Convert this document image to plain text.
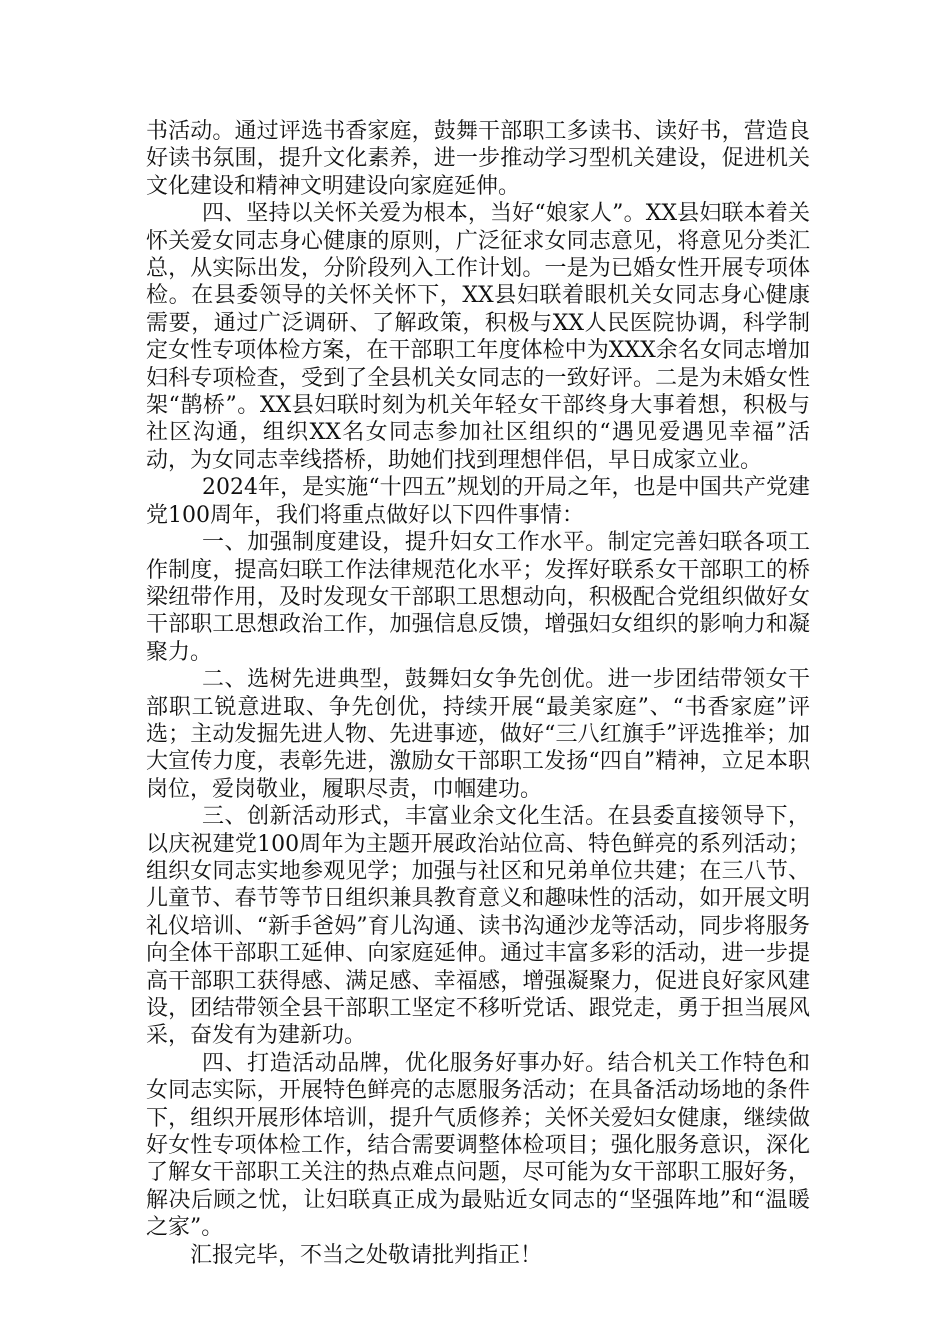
书活动。通过评选书香家庭，鼓舞干部职工多读书、读好书，营造良好读书氛围，提升文化素养，进一步推动学习型机关建设，促进机关文化建设和精神文明建设向家庭延伸。

四、坚持以关怀关爱为根本，当好“娘家人”。XX县妇联本着关怀关爱女同志身心健康的原则，广泛征求女同志意见，将意见分类汇总，从实际出发，分阶段列入工作计划。一是为已婚女性开展专项体检。在县委领导的关怀关怀下，XX县妇联着眼机关女同志身心健康需要，通过广泛调研、了解政策，积极与XX人民医院协调，科学制定女性专项体检方案，在干部职工年度体检中为XXX余名女同志增加妇科专项检查，受到了全县机关女同志的一致好评。二是为未婚女性架“鹊桥”。XX县妇联时刻为机关年轻女干部终身大事着想，积极与社区沟通，组织XX名女同志参加社区组织的“遇见爱遇见幸福”活动，为女同志幸线搭桥，助她们找到理想伴侣，早日成家立业。

2024年，是实施“十四五”规划的开局之年，也是中国共产党建党100周年，我们将重点做好以下四件事情：

一、加强制度建设，提升妇女工作水平。制定完善妇联各项工作制度，提高妇联工作法律规范化水平；发挥好联系女干部职工的桥梁纽带作用，及时发现女干部职工思想动向，积极配合党组织做好女干部职工思想政治工作，加强信息反馈，增强妇女组织的影响力和凝聚力。

二、选树先进典型，鼓舞妇女争先创优。进一步团结带领女干部职工锐意进取、争先创优，持续开展“最美家庭”、“书香家庭”评选；主动发掘先进人物、先进事迹，做好“三八红旗手”评选推举；加大宣传力度，表彰先进，激励女干部职工发扬“四自”精神，立足本职岗位，爱岗敬业，履职尽责，巾帼建功。

三、创新活动形式，丰富业余文化生活。在县委直接领导下，以庆祝建党100周年为主题开展政治站位高、特色鲜亮的系列活动；组织女同志实地参观见学；加强与社区和兄弟单位共建；在三八节、儿童节、春节等节日组织兼具教育意义和趣味性的活动，如开展文明礼仪培训、“新手爸妈”育儿沟通、读书沟通沙龙等活动，同步将服务向全体干部职工延伸、向家庭延伸。通过丰富多彩的活动，进一步提高干部职工获得感、满足感、幸福感，增强凝聚力，促进良好家风建设，团结带领全县干部职工坚定不移听党话、跟党走，勇于担当展风采，奋发有为建新功。

四、打造活动品牌，优化服务好事办好。结合机关工作特色和女同志实际，开展特色鲜亮的志愿服务活动；在具备活动场地的条件下，组织开展形体培训，提升气质修养；关怀关爱妇女健康，继续做好女性专项体检工作，结合需要调整体检项目；强化服务意识，深化了解女干部职工关注的热点难点问题，尽可能为女干部职工服好务，解决后顾之忧，让妇联真正成为最贴近女同志的“坚强阵地”和“温暖之家”。

汇报完毕，不当之处敬请批判指正！
